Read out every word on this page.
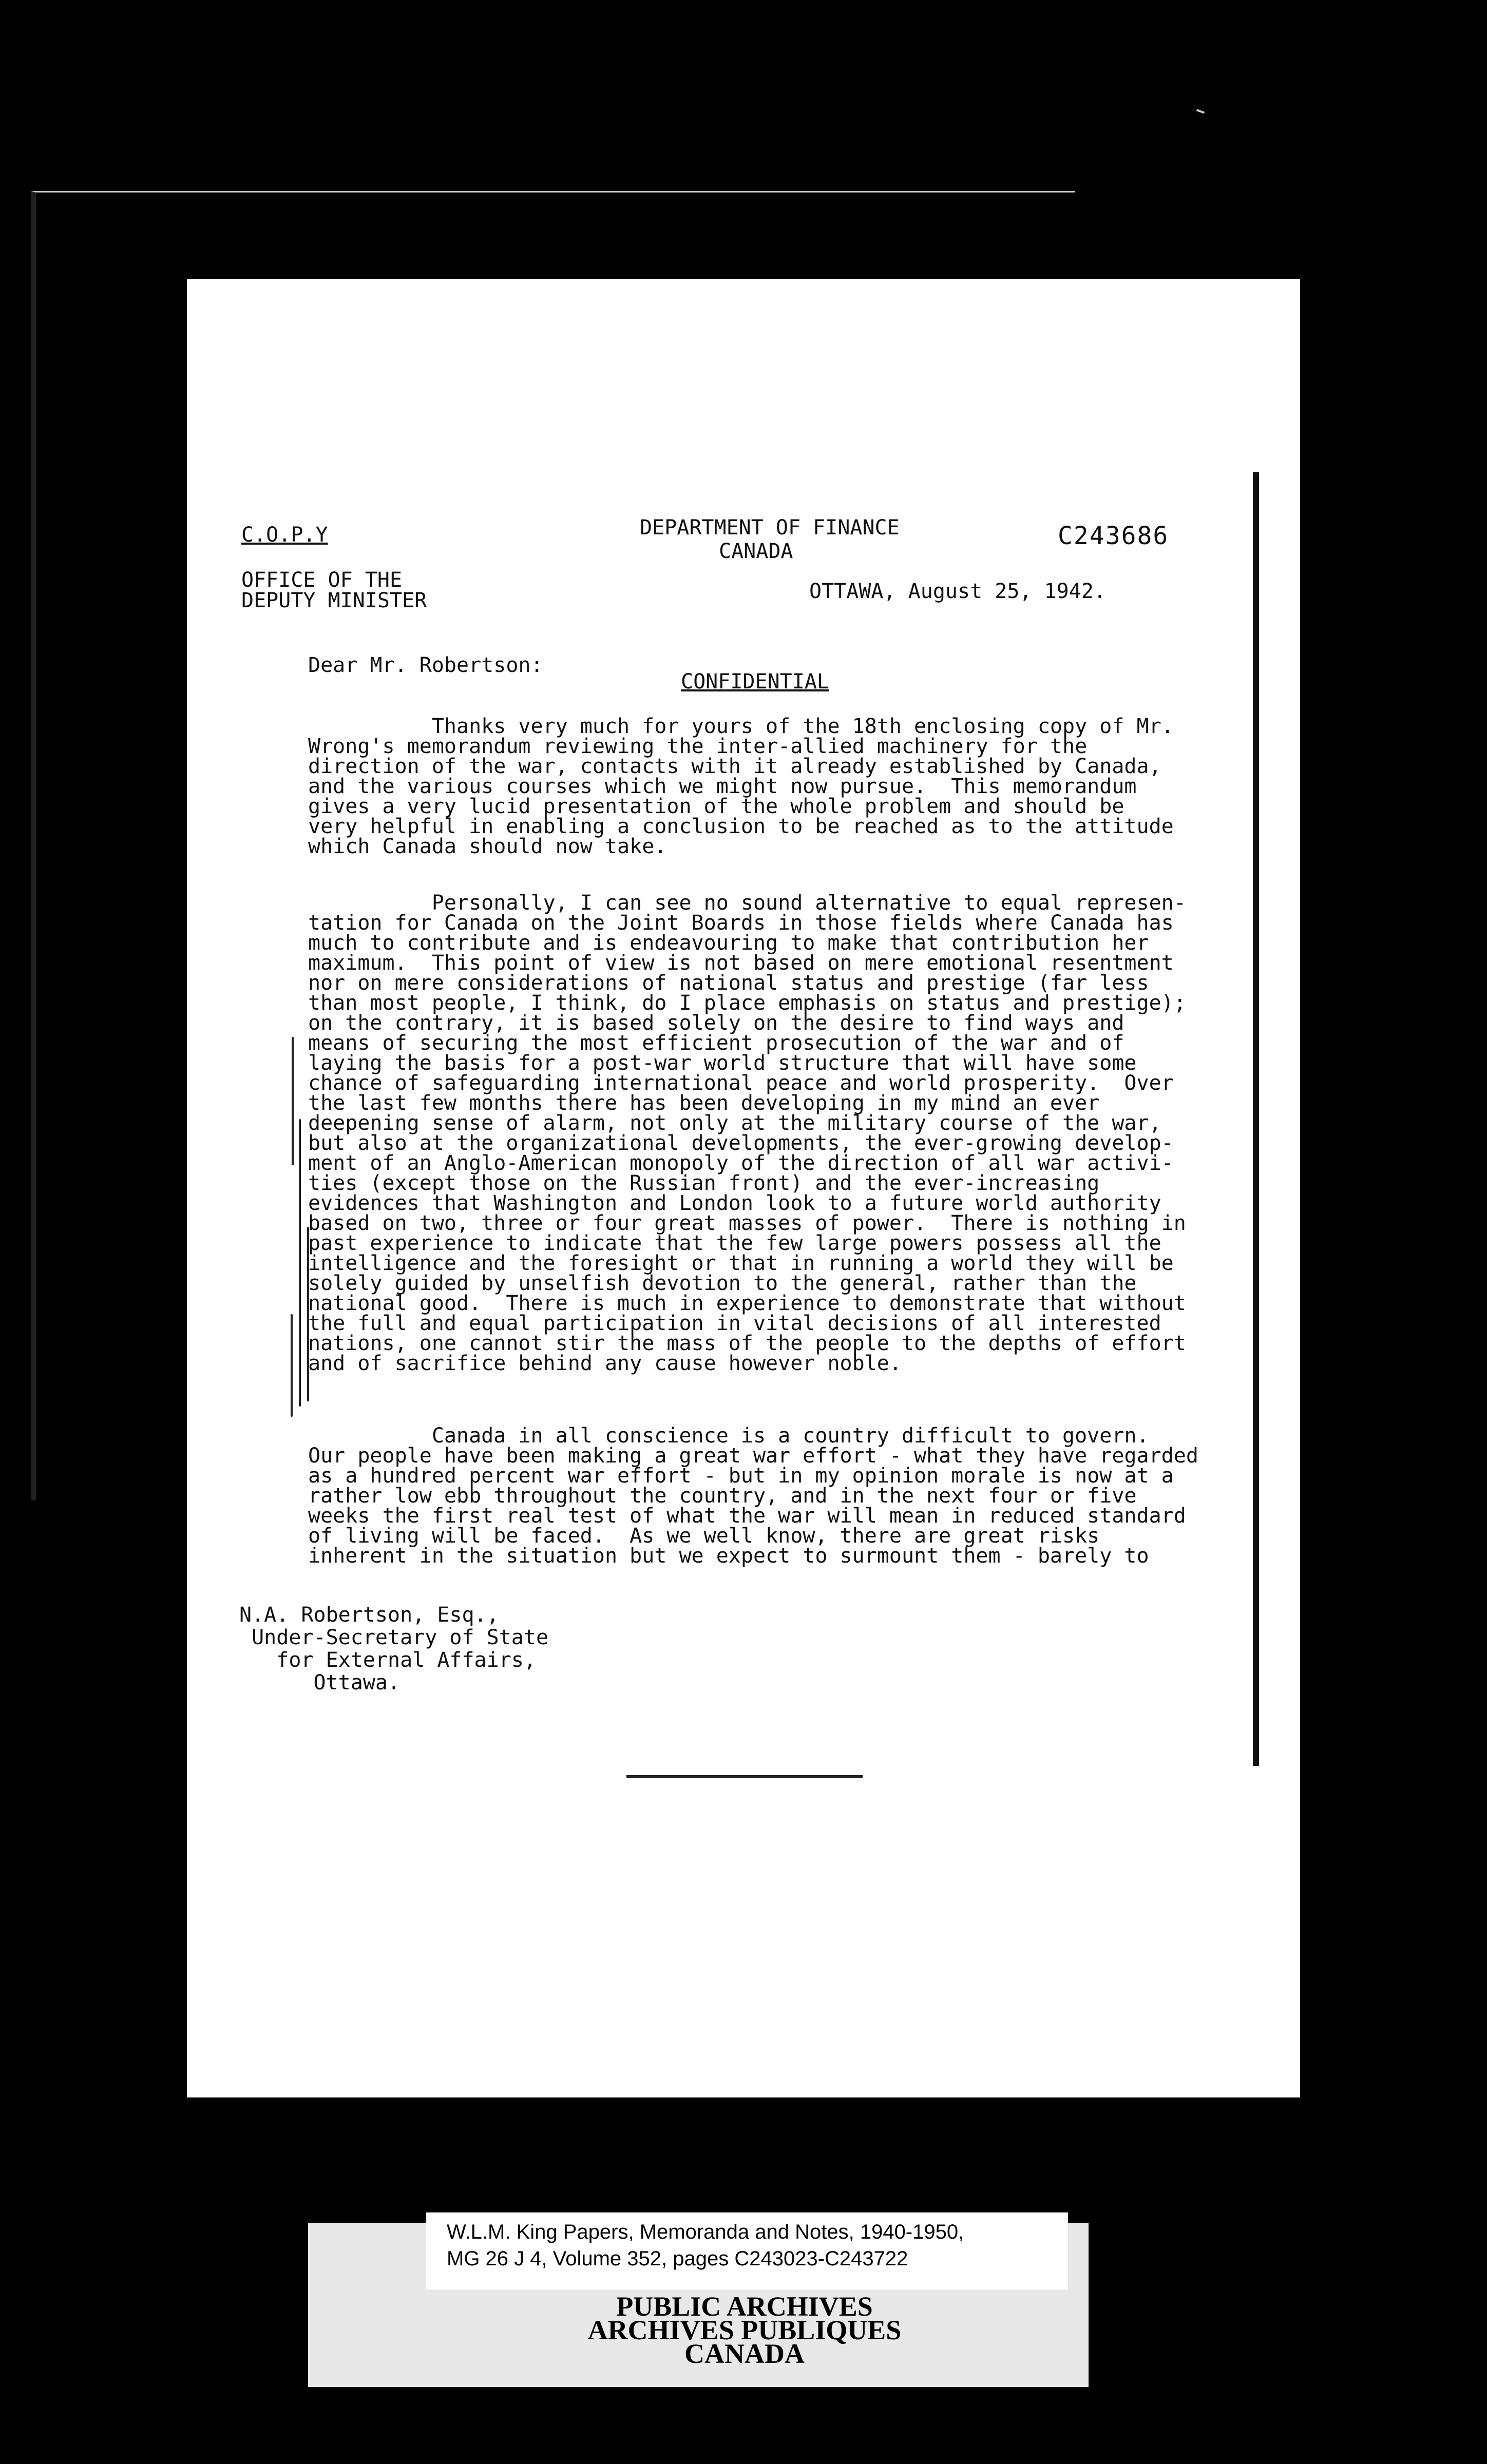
C.O.P.Y	DEPARTMENT OF FINANCE
CANADA
C243686
OFFICE OF THE
DEPUTY MINISTER	OTTAWA, August 25, 1942.
Dear Mr. Robertson:
CONFIDENTIAL
Thanks very much for yours of the 18th enclosing copy of Mr.
Wrong's memorandum reviewing the inter-allied machinery for the
direction of the war, contacts with it already established by Canada,
and the various courses which we might now pursue.  This memorandum
gives a very lucid presentation of the whole problem and should be
very helpful in enabling a conclusion to be reached as to the attitude
which Canada should now take.
Personally, I can see no sound alternative to equal represen-
tation for Canada on the Joint Boards in those fields where Canada has
much to contribute and is endeavouring to make that contribution her
maximum.  This point of view is not based on mere emotional resentment
nor on mere considerations of national status and prestige (far less
than most people, I think, do I place emphasis on status and prestige);
on the contrary, it is based solely on the desire to find ways and
means of securing the most efficient prosecution of the war and of
laying the basis for a post-war world structure that will have some
chance of safeguarding international peace and world prosperity.  Over
the last few months there has been developing in my mind an ever
deepening sense of alarm, not only at the military course of the war,
but also at the organizational developments, the ever-growing develop-
ment of an Anglo-American monopoly of the direction of all war activi-
ties (except those on the Russian front) and the ever-increasing
evidences that Washington and London look to a future world authority
based on two, three or four great masses of power.  There is nothing in
past experience to indicate that the few large powers possess all the
intelligence and the foresight or that in running a world they will be
solely guided by unselfish devotion to the general, rather than the
national good.  There is much in experience to demonstrate that without
the full and equal participation in vital decisions of all interested
nations, one cannot stir the mass of the people to the depths of effort
and of sacrifice behind any cause however noble.
Canada in all conscience is a country difficult to govern.
Our people have been making a great war effort - what they have regarded
as a hundred percent war effort - but in my opinion morale is now at a
rather low ebb throughout the country, and in the next four or five
weeks the first real test of what the war will mean in reduced standard
of living will be faced.  As we well know, there are great risks
inherent in the situation but we expect to surmount them - barely to
N.A. Robertson, Esq.,
Under-Secretary of State
for External Affairs,
Ottawa.
W.L.M. King Papers, Memoranda and Notes, 1940-1950,
MG 26 J 4, Volume 352, pages C243023-C243722
PUBLIC ARCHIVES
ARCHIVES PUBLIQUES
CANADA
